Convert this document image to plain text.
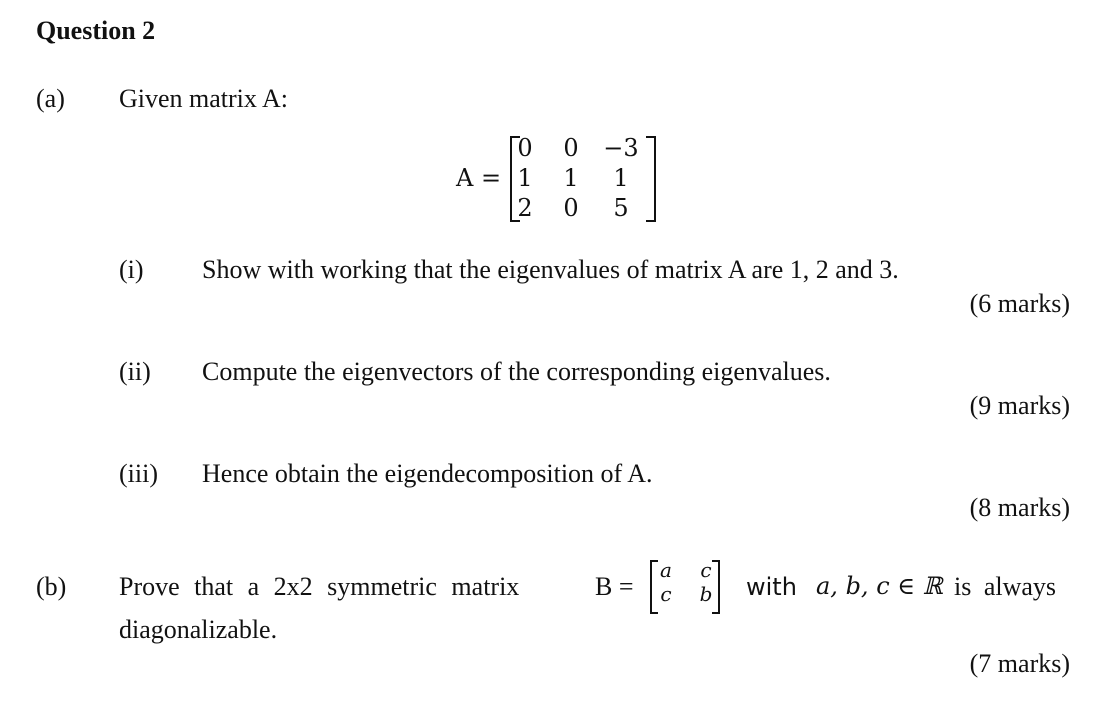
Question 2
(a) Given matrix A:
A =
0	0	−3
1	1	1
2	0	5
(i) Show with working that the eigenvalues of matrix A are 1, 2 and 3.
(6 marks)
(ii) Compute the eigenvectors of the corresponding eigenvalues.
(9 marks)
(iii) Hence obtain the eigendecomposition of A.
(8 marks)
(b) Prove that a 2x2 symmetric matrix	B =
a	c
c	b with a, b, c ∈ ℝ is always
diagonalizable.
(7 marks)
